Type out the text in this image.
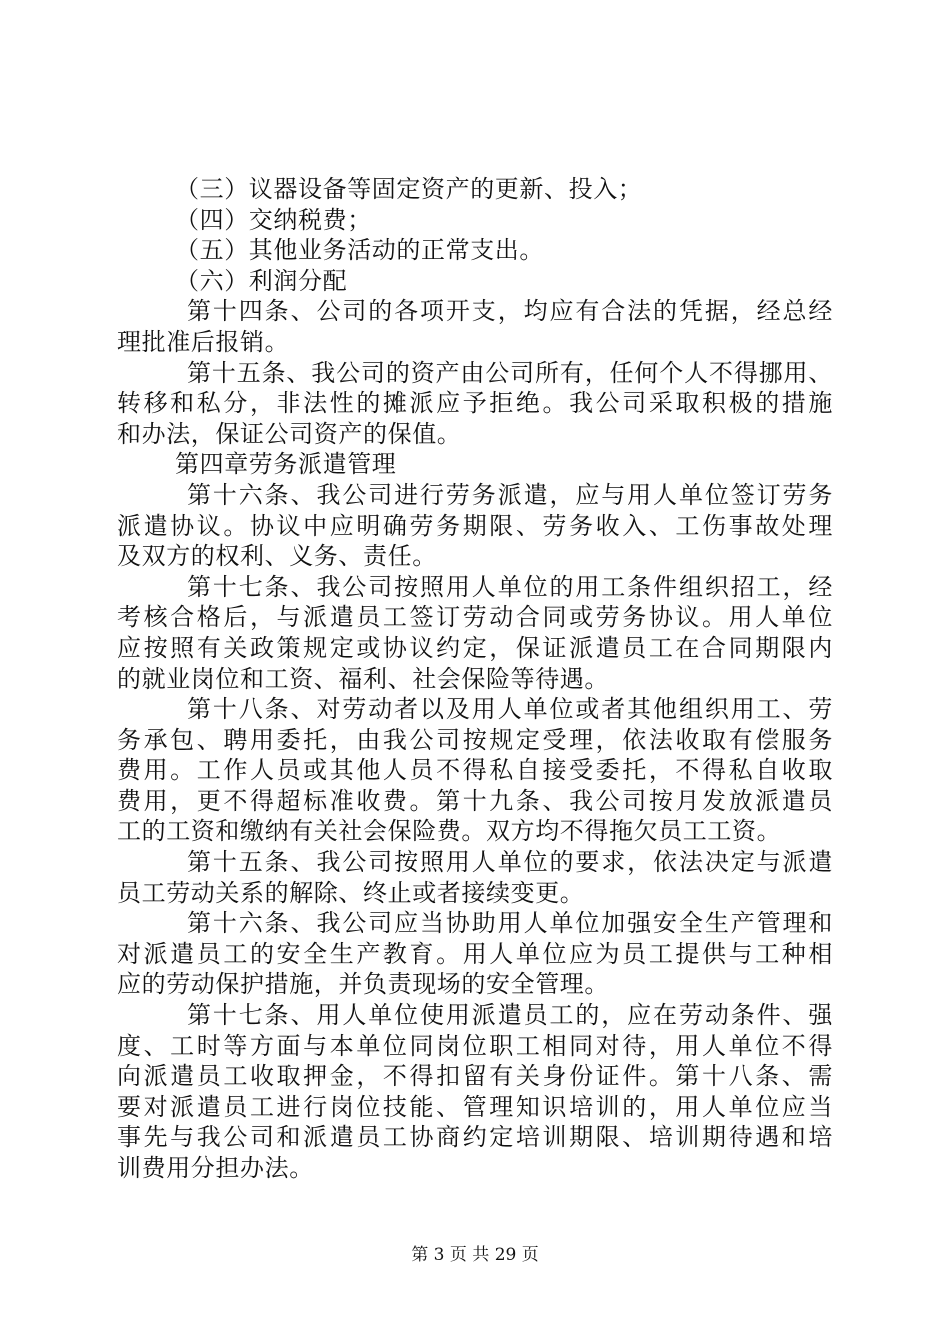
（三）议器设备等固定资产的更新、投入；
（四）交纳税费；
（五）其他业务活动的正常支出。
（六）利润分配
第十四条、公司的各项开支，均应有合法的凭据，经总经
理批准后报销。
第十五条、我公司的资产由公司所有，任何个人不得挪用、
转移和私分，非法性的摊派应予拒绝。我公司采取积极的措施
和办法，保证公司资产的保值。
第四章劳务派遣管理
第十六条、我公司进行劳务派遣，应与用人单位签订劳务
派遣协议。协议中应明确劳务期限、劳务收入、工伤事故处理
及双方的权利、义务、责任。
第十七条、我公司按照用人单位的用工条件组织招工，经
考核合格后，与派遣员工签订劳动合同或劳务协议。用人单位
应按照有关政策规定或协议约定，保证派遣员工在合同期限内
的就业岗位和工资、福利、社会保险等待遇。
第十八条、对劳动者以及用人单位或者其他组织用工、劳
务承包、聘用委托，由我公司按规定受理，依法收取有偿服务
费用。工作人员或其他人员不得私自接受委托，不得私自收取
费用，更不得超标准收费。第十九条、我公司按月发放派遣员
工的工资和缴纳有关社会保险费。双方均不得拖欠员工工资。
第十五条、我公司按照用人单位的要求，依法决定与派遣
员工劳动关系的解除、终止或者接续变更。
第十六条、我公司应当协助用人单位加强安全生产管理和
对派遣员工的安全生产教育。用人单位应为员工提供与工种相
应的劳动保护措施，并负责现场的安全管理。
第十七条、用人单位使用派遣员工的，应在劳动条件、强
度、工时等方面与本单位同岗位职工相同对待，用人单位不得
向派遣员工收取押金，不得扣留有关身份证件。第十八条、需
要对派遣员工进行岗位技能、管理知识培训的，用人单位应当
事先与我公司和派遣员工协商约定培训期限、培训期待遇和培
训费用分担办法。
第 3 页 共 29 页
